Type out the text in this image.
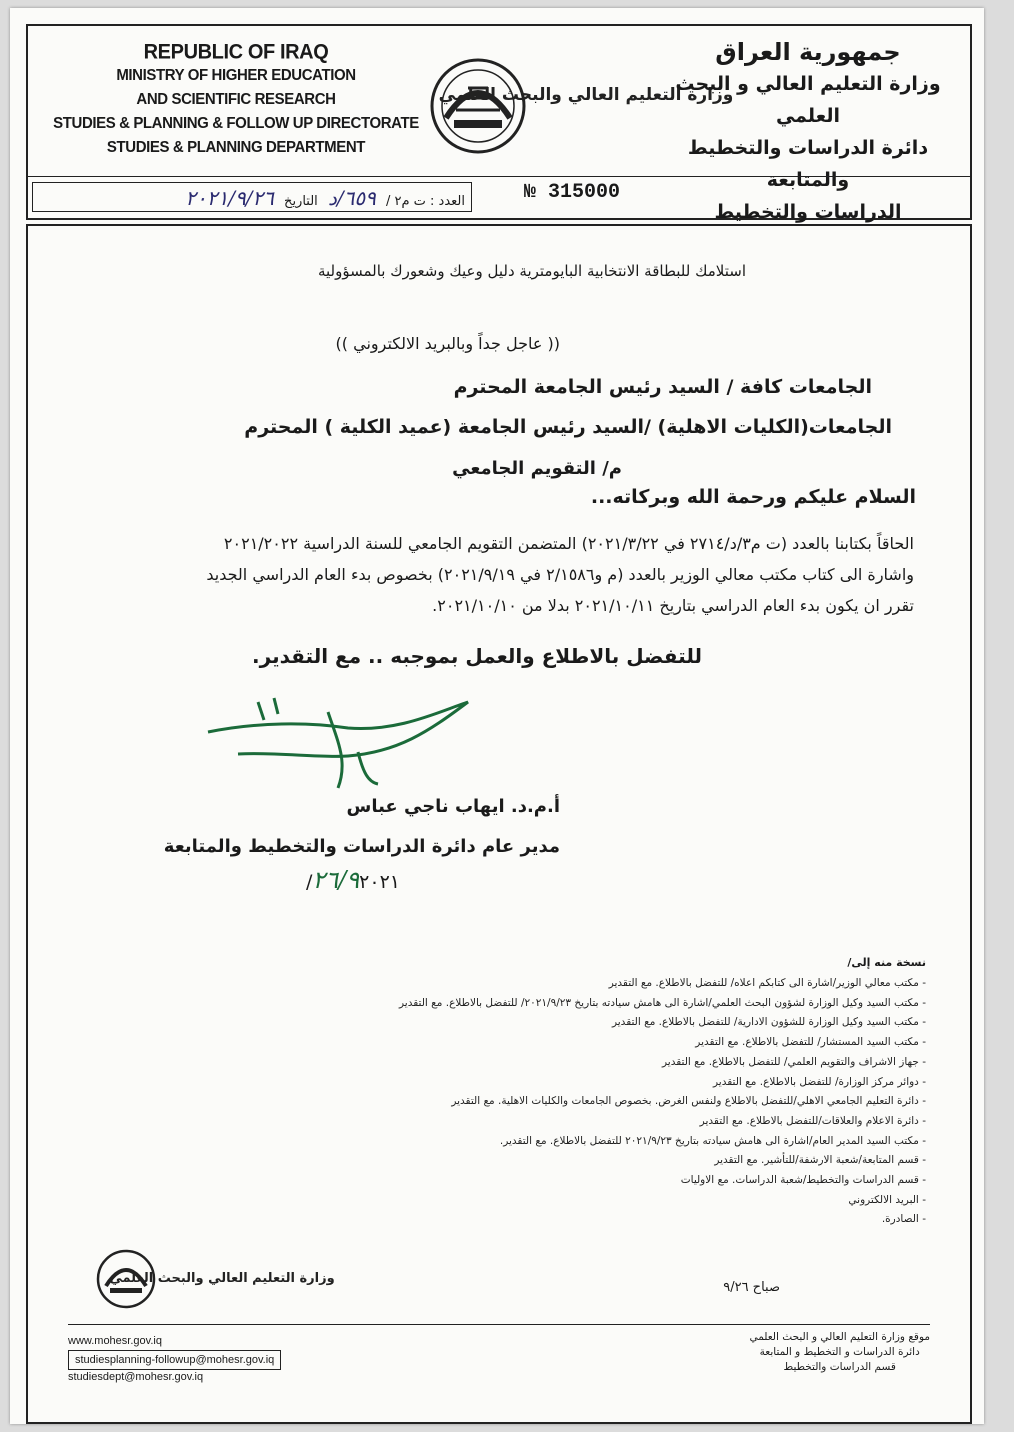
REPUBLIC OF IRAQ
MINISTRY OF HIGHER EDUCATION
AND SCIENTIFIC RESEARCH
STUDIES & PLANNING & FOLLOW UP DIRECTORATE
STUDIES & PLANNING DEPARTMENT
وزارة التعليم العالي والبحث العلمي
جمهورية العراق
وزارة التعليم العالي و البحث العلمي
دائرة الدراسات والتخطيط والمتابعة
الدراسات والتخطيط
العدد : ت م٢ / ٦٥٩/د التاريخ ٢٠٢١/٩/٢٦	№ 315000
استلامك للبطاقة الانتخابية البايومترية دليل وعيك وشعورك بالمسؤولية
(( عاجل جداً وبالبريد الالكتروني ))
الجامعات كافة / السيد رئيس الجامعة المحترم
الجامعات(الكليات الاهلية) /السيد رئيس الجامعة (عميد الكلية ) المحترم
م/ التقويم الجامعي
السلام عليكم ورحمة الله وبركاته...
الحاقاً بكتابنا بالعدد (ت م٣/د/٢٧١٤ في ٢٠٢١/٣/٢٢) المتضمن التقويم الجامعي للسنة الدراسية ٢٠٢١/٢٠٢٢
واشارة الى كتاب مكتب معالي الوزير بالعدد (م و٢/١٥٨٦ في ٢٠٢١/٩/١٩) بخصوص بدء العام الدراسي الجديد
تقرر ان يكون بدء العام الدراسي بتاريخ ٢٠٢١/١٠/١١ بدلا من ٢٠٢١/١٠/١٠.
للتفضل بالاطلاع والعمل بموجبه .. مع التقدير.
أ.م.د. ايهاب ناجي عباس
مدير عام دائرة الدراسات والتخطيط والمتابعة
٢٦/٩٢٠٢١/
نسخة منه إلى/
- مكتب معالي الوزير/اشارة الى كتابكم اعلاه/ للتفضل بالاطلاع. مع التقدير
- مكتب السيد وكيل الوزارة لشؤون البحث العلمي/اشارة الى هامش سيادته بتاريخ ٢٠٢١/٩/٢٣/ للتفضل بالاطلاع. مع التقدير
- مكتب السيد وكيل الوزارة للشؤون الادارية/ للتفضل بالاطلاع. مع التقدير
- مكتب السيد المستشار/ للتفضل بالاطلاع. مع التقدير
- جهاز الاشراف والتقويم العلمي/ للتفضل بالاطلاع. مع التقدير
- دوائر مركز الوزارة/ للتفضل بالاطلاع. مع التقدير
- دائرة التعليم الجامعي الاهلي/للتفضل بالاطلاع ولنفس الغرض. بخصوص الجامعات والكليات الاهلية. مع التقدير
- دائرة الاعلام والعلاقات/للتفضل بالاطلاع. مع التقدير
- مكتب السيد المدير العام/اشارة الى هامش سيادته بتاريخ ٢٠٢١/٩/٢٣ للتفضل بالاطلاع. مع التقدير.
- قسم المتابعة/شعبة الارشفة/للتأشير. مع التقدير
- قسم الدراسات والتخطيط/شعبة الدراسات. مع الاوليات
- البريد الالكتروني
- الصادرة.
صباح ٩/٢٦
وزارة التعليم العالي والبحث العلمي
www.mohesr.gov.iq
studiesplanning-followup@mohesr.gov.iq
studiesdept@mohesr.gov.iq
موقع وزارة التعليم العالي و البحث العلمي
دائرة الدراسات و التخطيط و المتابعة
قسم الدراسات والتخطيط
